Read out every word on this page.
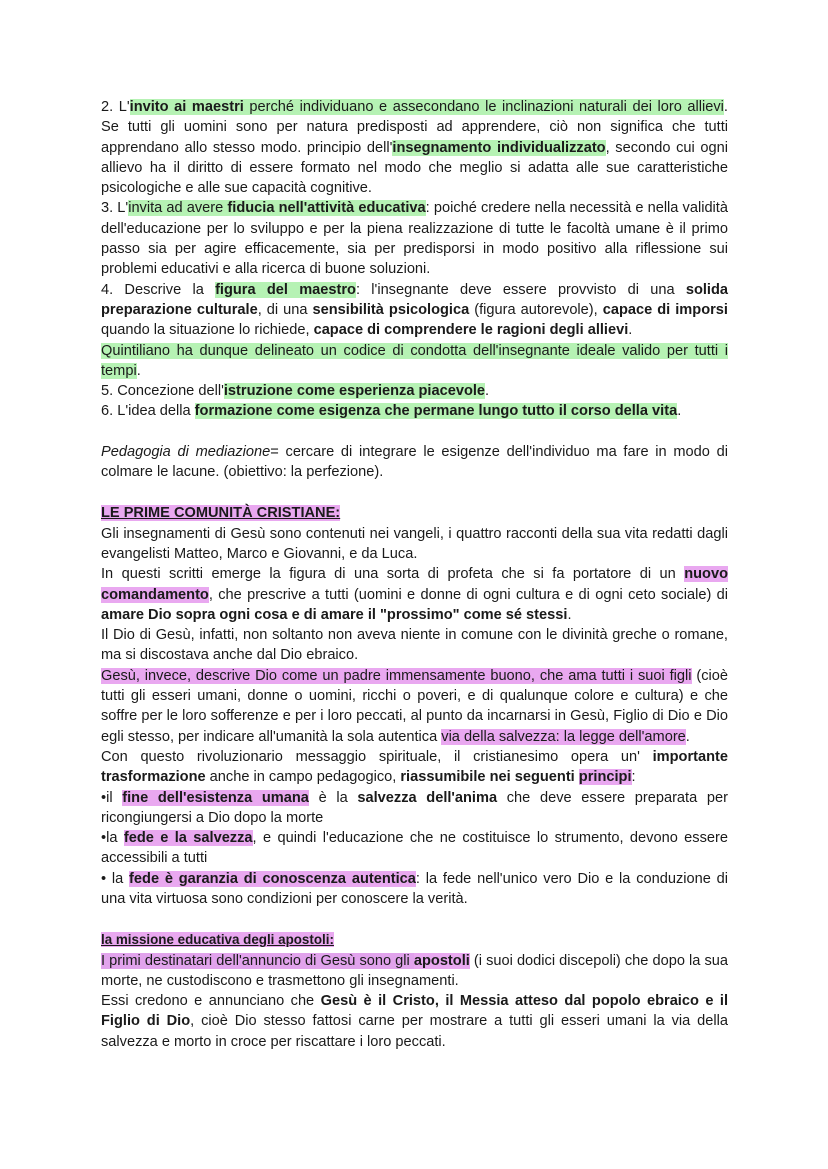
2. L'invito ai maestri perché individuano e assecondano le inclinazioni naturali dei loro allievi. Se tutti gli uomini sono per natura predisposti ad apprendere, ciò non significa che tutti apprendano allo stesso modo. principio dell'insegnamento individualizzato, secondo cui ogni allievo ha il diritto di essere formato nel modo che meglio si adatta alle sue caratteristiche psicologiche e alle sue capacità cognitive.

3. L'invita ad avere fiducia nell'attività educativa: poiché credere nella necessità e nella validità dell'educazione per lo sviluppo e per la piena realizzazione di tutte le facoltà umane è il primo passo sia per agire efficacemente, sia per predisporsi in modo positivo alla riflessione sui problemi educativi e alla ricerca di buone soluzioni.

4. Descrive la figura del maestro: l'insegnante deve essere provvisto di una solida preparazione culturale, di una sensibilità psicologica (figura autorevole), capace di imporsi quando la situazione lo richiede, capace di comprendere le ragioni degli allievi.

Quintiliano ha dunque delineato un codice di condotta dell'insegnante ideale valido per tutti i tempi.

5. Concezione dell'istruzione come esperienza piacevole.

6. L'idea della formazione come esigenza che permane lungo tutto il corso della vita.

Pedagogia di mediazione= cercare di integrare le esigenze dell'individuo ma fare in modo di colmare le lacune. (obiettivo: la perfezione).

LE PRIME COMUNITÀ CRISTIANE:

Gli insegnamenti di Gesù sono contenuti nei vangeli, i quattro racconti della sua vita redatti dagli evangelisti Matteo, Marco e Giovanni, e da Luca.

In questi scritti emerge la figura di una sorta di profeta che si fa portatore di un nuovo comandamento, che prescrive a tutti (uomini e donne di ogni cultura e di ogni ceto sociale) di amare Dio sopra ogni cosa e di amare il "prossimo" come sé stessi.

Il Dio di Gesù, infatti, non soltanto non aveva niente in comune con le divinità greche o romane, ma si discostava anche dal Dio ebraico.

Gesù, invece, descrive Dio come un padre immensamente buono, che ama tutti i suoi figli (cioè tutti gli esseri umani, donne o uomini, ricchi o poveri, e di qualunque colore e cultura) e che soffre per le loro sofferenze e per i loro peccati, al punto da incarnarsi in Gesù, Figlio di Dio e Dio egli stesso, per indicare all'umanità la sola autentica via della salvezza: la legge dell'amore.

Con questo rivoluzionario messaggio spirituale, il cristianesimo opera un' importante trasformazione anche in campo pedagogico, riassumibile nei seguenti principi:

•il fine dell'esistenza umana è la salvezza dell'anima che deve essere preparata per ricongiungersi a Dio dopo la morte

•la fede e la salvezza, e quindi l'educazione che ne costituisce lo strumento, devono essere accessibili a tutti

• la fede è garanzia di conoscenza autentica: la fede nell'unico vero Dio e la conduzione di una vita virtuosa sono condizioni per conoscere la verità.

la missione educativa degli apostoli:

I primi destinatari dell'annuncio di Gesù sono gli apostoli (i suoi dodici discepoli) che dopo la sua morte, ne custodiscono e trasmettono gli insegnamenti.

Essi credono e annunciano che Gesù è il Cristo, il Messia atteso dal popolo ebraico e il Figlio di Dio, cioè Dio stesso fattosi carne per mostrare a tutti gli esseri umani la via della salvezza e morto in croce per riscattare i loro peccati.
